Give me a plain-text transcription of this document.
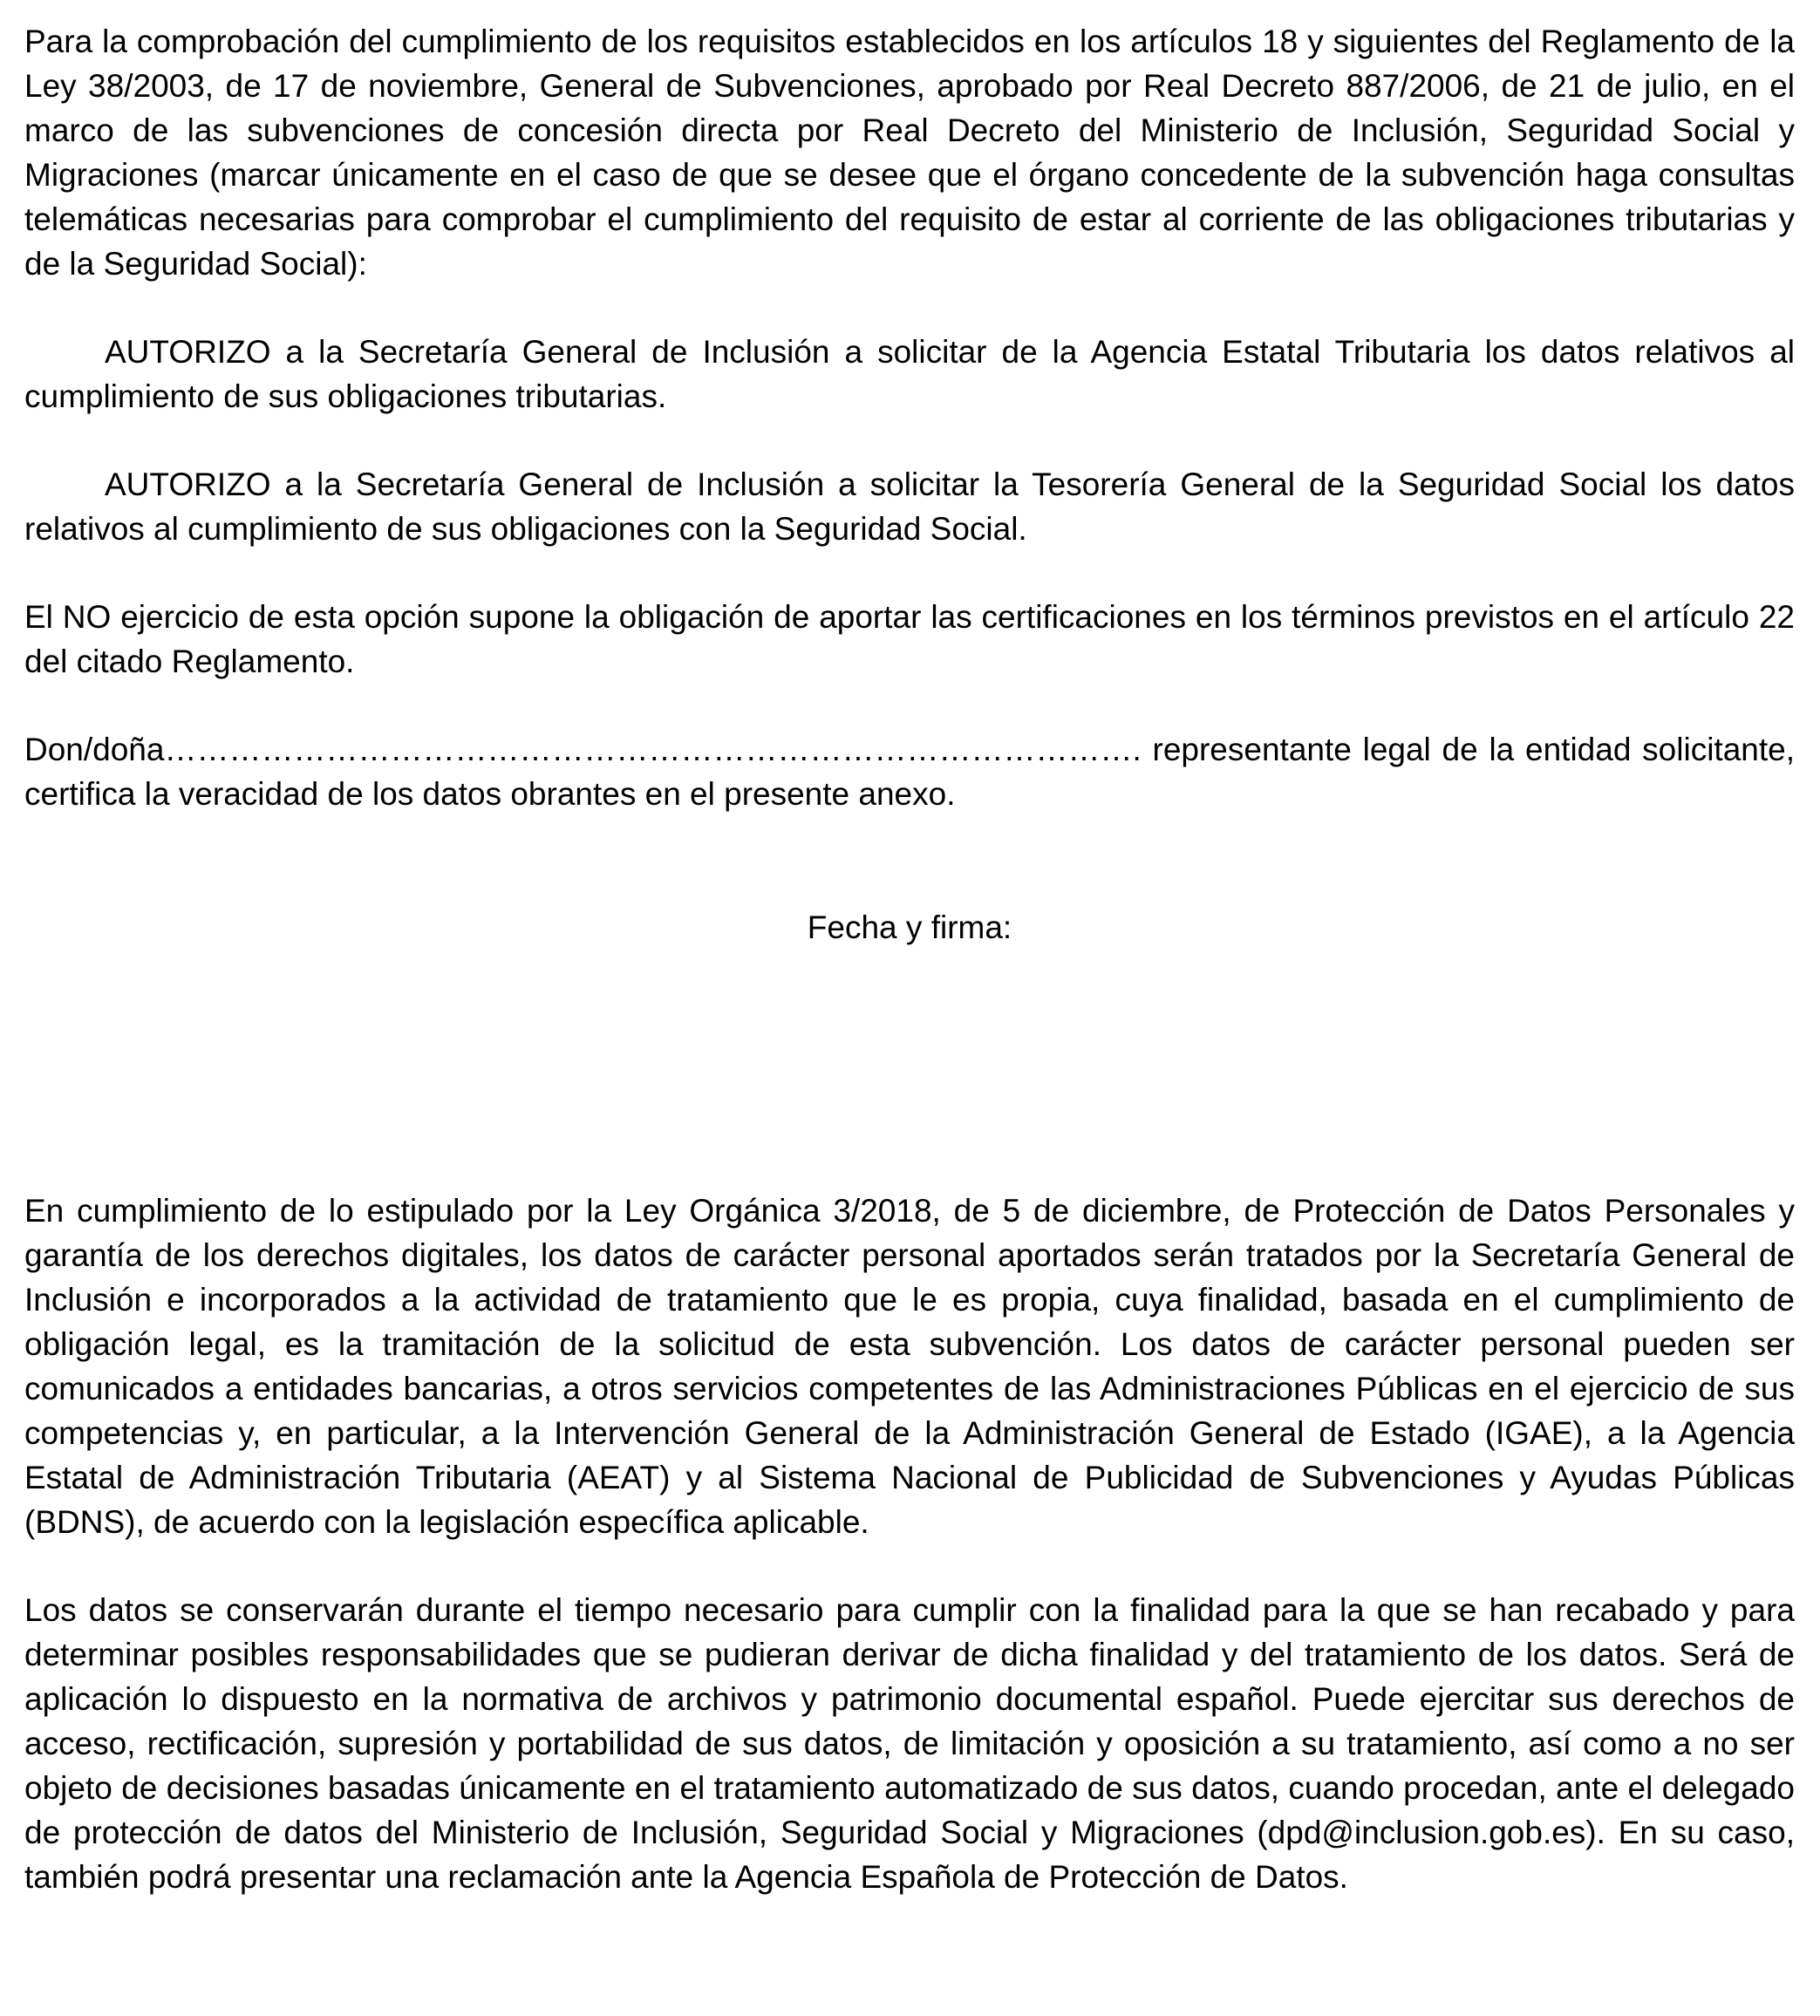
Para la comprobación del cumplimiento de los requisitos establecidos en los artículos 18 y siguientes del Reglamento de la Ley 38/2003, de 17 de noviembre, General de Subvenciones, aprobado por Real Decreto 887/2006, de 21 de julio, en el marco de las subvenciones de concesión directa por Real Decreto del Ministerio de Inclusión, Seguridad Social y Migraciones (marcar únicamente en el caso de que se desee que el órgano concedente de la subvención haga consultas telemáticas necesarias para comprobar el cumplimiento del requisito de estar al corriente de las obligaciones tributarias y de la Seguridad Social):

AUTORIZO a la Secretaría General de Inclusión a solicitar de la Agencia Estatal Tributaria los datos relativos al cumplimiento de sus obligaciones tributarias.

AUTORIZO a la Secretaría General de Inclusión a solicitar la Tesorería General de la Seguridad Social los datos relativos al cumplimiento de sus obligaciones con la Seguridad Social.

El NO ejercicio de esta opción supone la obligación de aportar las certificaciones en los términos previstos en el artículo 22 del citado Reglamento.

Don/doña………………………………………………………………………………. representante legal de la entidad solicitante, certifica la veracidad de los datos obrantes en el presente anexo.

Fecha y firma:

En cumplimiento de lo estipulado por la Ley Orgánica 3/2018, de 5 de diciembre, de Protección de Datos Personales y garantía de los derechos digitales, los datos de carácter personal aportados serán tratados por la Secretaría General de Inclusión e incorporados a la actividad de tratamiento que le es propia, cuya finalidad, basada en el cumplimiento de obligación legal, es la tramitación de la solicitud de esta subvención. Los datos de carácter personal pueden ser comunicados a entidades bancarias, a otros servicios competentes de las Administraciones Públicas en el ejercicio de sus competencias y, en particular, a la Intervención General de la Administración General de Estado (IGAE), a la Agencia Estatal de Administración Tributaria (AEAT) y al Sistema Nacional de Publicidad de Subvenciones y Ayudas Públicas (BDNS), de acuerdo con la legislación específica aplicable.

Los datos se conservarán durante el tiempo necesario para cumplir con la finalidad para la que se han recabado y para determinar posibles responsabilidades que se pudieran derivar de dicha finalidad y del tratamiento de los datos. Será de aplicación lo dispuesto en la normativa de archivos y patrimonio documental español. Puede ejercitar sus derechos de acceso, rectificación, supresión y portabilidad de sus datos, de limitación y oposición a su tratamiento, así como a no ser objeto de decisiones basadas únicamente en el tratamiento automatizado de sus datos, cuando procedan, ante el delegado de protección de datos del Ministerio de Inclusión, Seguridad Social y Migraciones (dpd@inclusion.gob.es). En su caso, también podrá presentar una reclamación ante la Agencia Española de Protección de Datos.
